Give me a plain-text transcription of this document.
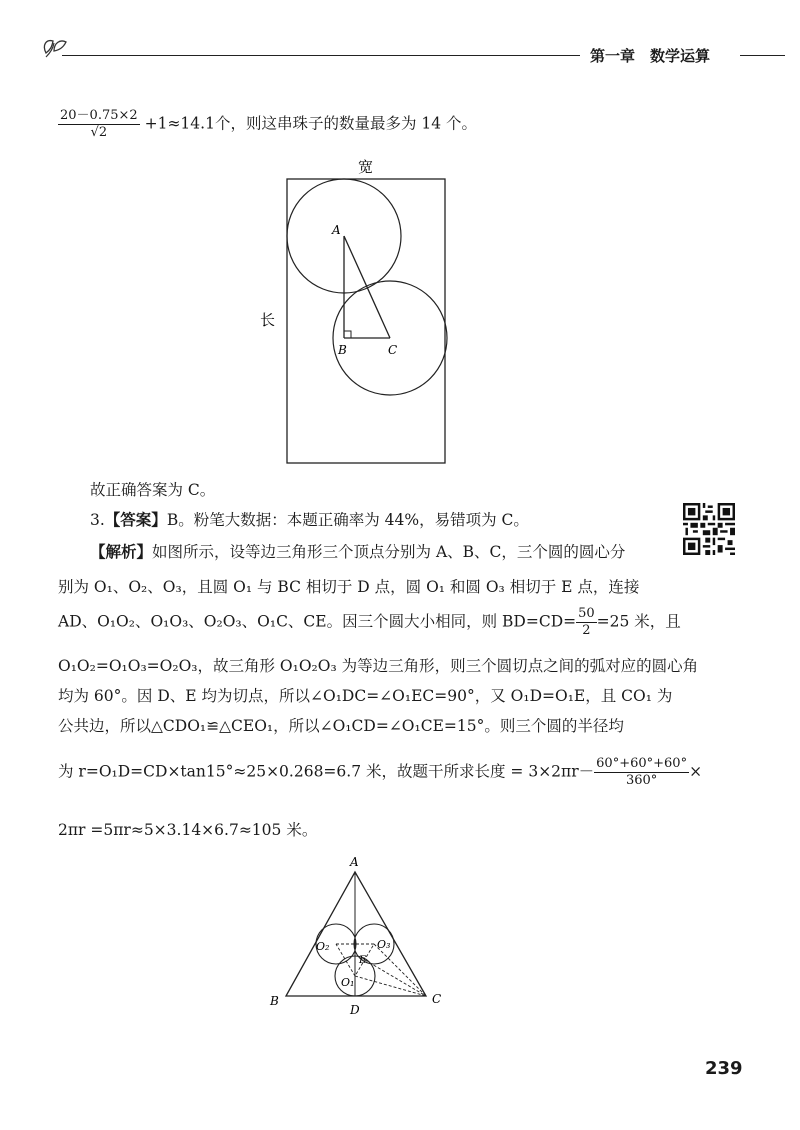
第一章　数学运算
$\frac{20-0.75\times 2}{√2} +1\approx 14.1$个，则这串珠子的数量最多为 14 个。
宽
长
A
B	C
故正确答案为 C。
3.【答案】B。粉笔大数据：本题正确率为 44%，易错项为 C。
【解析】如图所示，设等边三角形三个顶点分别为 A、B、C，三个圆的圆心分
别为 O₁、O₂、O₃，且圆 O₁ 与 BC 相切于 D 点，圆 O₁ 和圆 O₃ 相切于 E 点，连接
AD、O₁O₂、O₁O₃、O₂O₃、O₁C、CE。因三个圆大小相同，则 $BD=CD= \frac{50}{2} =25$ 米，且
O₁O₂=O₁O₃=O₂O₃，故三角形 O₁O₂O₃ 为等边三角形，则三个圆切点之间的弧对应的圆心角
均为 60°。因 D、E 均为切点，所以∠O₁DC=∠O₁EC=90°，又 O₁D=O₁E，且 CO₁ 为
公共边，所以△CDO₁≌△CEO₁，所以∠O₁CD=∠O₁CE=15°。则三个圆的半径均
为 r=O₁D=CD×tan15°≈25×0.268=6.7 米，故题干所求长度 = $3\times 2\pi r- \frac{60^\circ+60^\circ+60^\circ}{360^\circ}$ ×
2πr =5πr≈5×3.14×6.7≈105 米。
A
B	C
D
E
O₁
O₂	O₃
239
